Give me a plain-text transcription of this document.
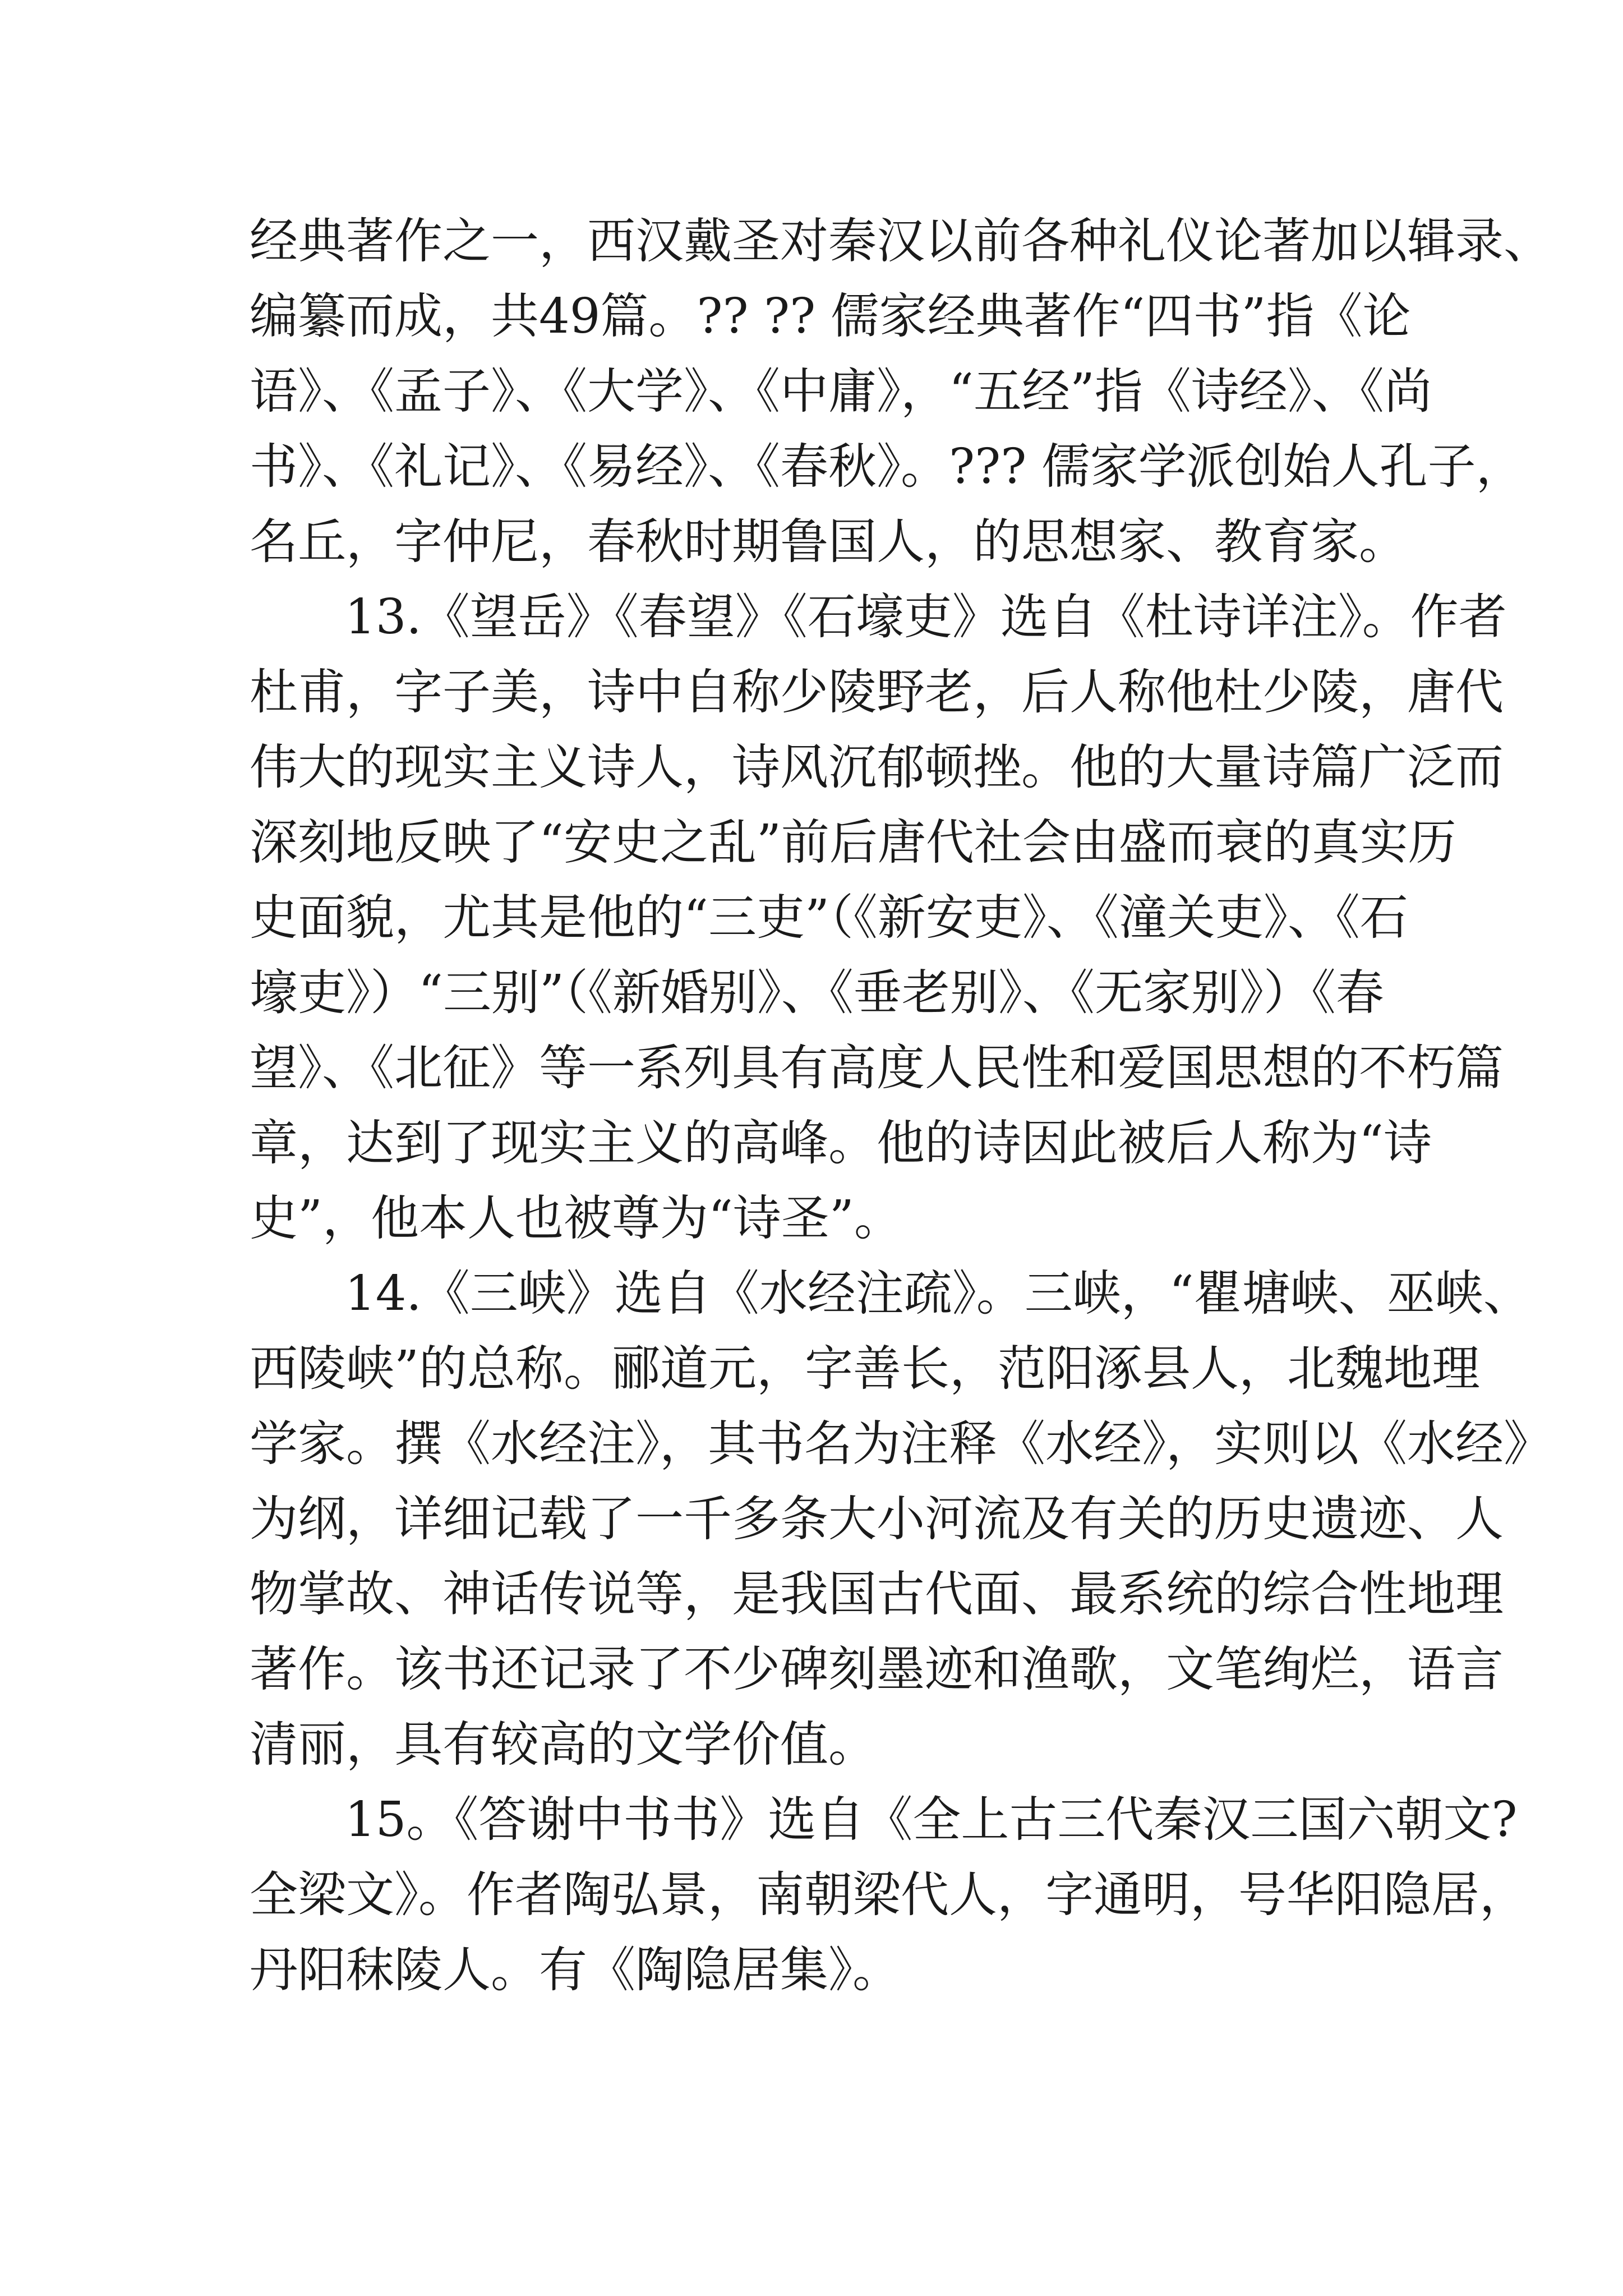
经典著作之一，西汉戴圣对秦汉以前各种礼仪论著加以辑录、
编纂而成，共49篇。?? ?? 儒家经典著作“四书”指《论
语》、《孟子》、《大学》、《中庸》，“五经”指《诗经》、《尚
书》、《礼记》、《易经》、《春秋》。??? 儒家学派创始人孔子，
名丘，字仲尼，春秋时期鲁国人，的思想家、教育家。
13.《望岳》《春望》《石壕吏》选自《杜诗详注》。作者
杜甫，字子美，诗中自称少陵野老，后人称他杜少陵，唐代
伟大的现实主义诗人，诗风沉郁顿挫。他的大量诗篇广泛而
深刻地反映了“安史之乱”前后唐代社会由盛而衰的真实历
史面貌，尤其是他的“三吏”（《新安吏》、《潼关吏》、《石
壕吏》）“三别”（《新婚别》、《垂老别》、《无家别》）《春
望》、《北征》等一系列具有高度人民性和爱国思想的不朽篇
章，达到了现实主义的高峰。他的诗因此被后人称为“诗
史”，他本人也被尊为“诗圣”。
14.《三峡》选自《水经注疏》。三峡，“瞿塘峡、巫峡、
西陵峡”的总称。郦道元，字善长，范阳涿县人，北魏地理
学家。撰《水经注》，其书名为注释《水经》，实则以《水经》
为纲，详细记载了一千多条大小河流及有关的历史遗迹、人
物掌故、神话传说等，是我国古代面、最系统的综合性地理
著作。该书还记录了不少碑刻墨迹和渔歌，文笔绚烂，语言
清丽，具有较高的文学价值。
15。《答谢中书书》选自《全上古三代秦汉三国六朝文?
全梁文》。作者陶弘景，南朝梁代人，字通明，号华阳隐居，
丹阳秣陵人。有《陶隐居集》。
